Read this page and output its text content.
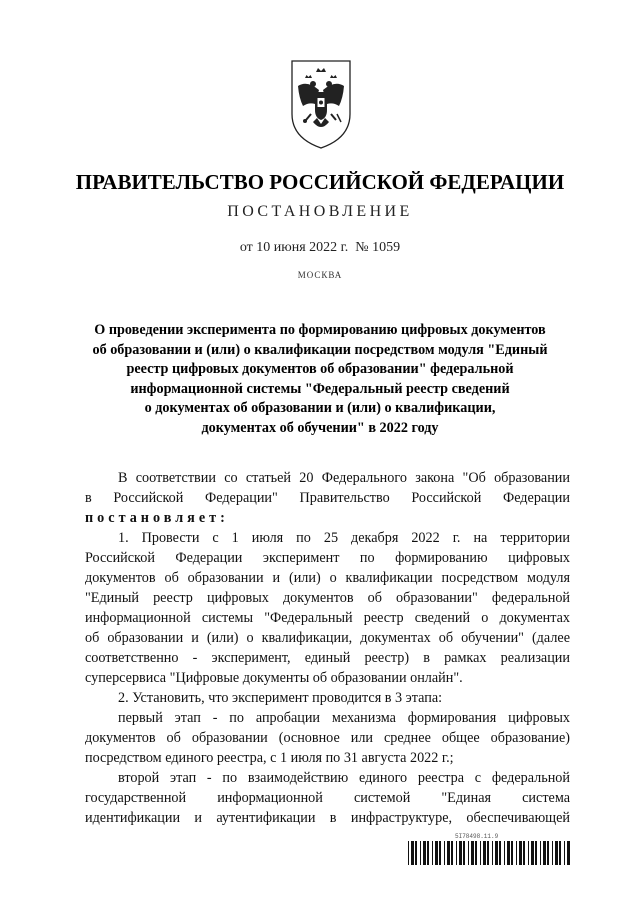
ПРАВИТЕЛЬСТВО РОССИЙСКОЙ ФЕДЕРАЦИИ
ПОСТАНОВЛЕНИЕ
от 10 июня 2022 г.  № 1059
МОСКВА
О проведении эксперимента по формированию цифровых документов
об образовании и (или) о квалификации посредством модуля "Единый
реестр цифровых документов об образовании" федеральной
информационной системы "Федеральный реестр сведений
о документах об образовании и (или) о квалификации,
документах об обучении" в 2022 году
В соответствии со статьей 20 Федерального закона "Об образовании
в Российской Федерации" Правительство Российской Федерации
постановляет:
1. Провести с 1 июля по 25 декабря 2022 г. на территории
Российской Федерации эксперимент по формированию цифровых
документов об образовании и (или) о квалификации посредством модуля
"Единый реестр цифровых документов об образовании" федеральной
информационной системы "Федеральный реестр сведений о документах
об образовании и (или) о квалификации, документах об обучении" (далее
соответственно - эксперимент, единый реестр) в рамках реализации
суперсервиса "Цифровые документы об образовании онлайн".
2. Установить, что эксперимент проводится в 3 этапа:
первый этап - по апробации механизма формирования цифровых
документов об образовании (основное или среднее общее образование)
посредством единого реестра, с 1 июля по 31 августа 2022 г.;
второй этап - по взаимодействию единого реестра с федеральной
государственной информационной системой "Единая система
идентификации и аутентификации в инфраструктуре, обеспечивающей
5I78498.11.9
